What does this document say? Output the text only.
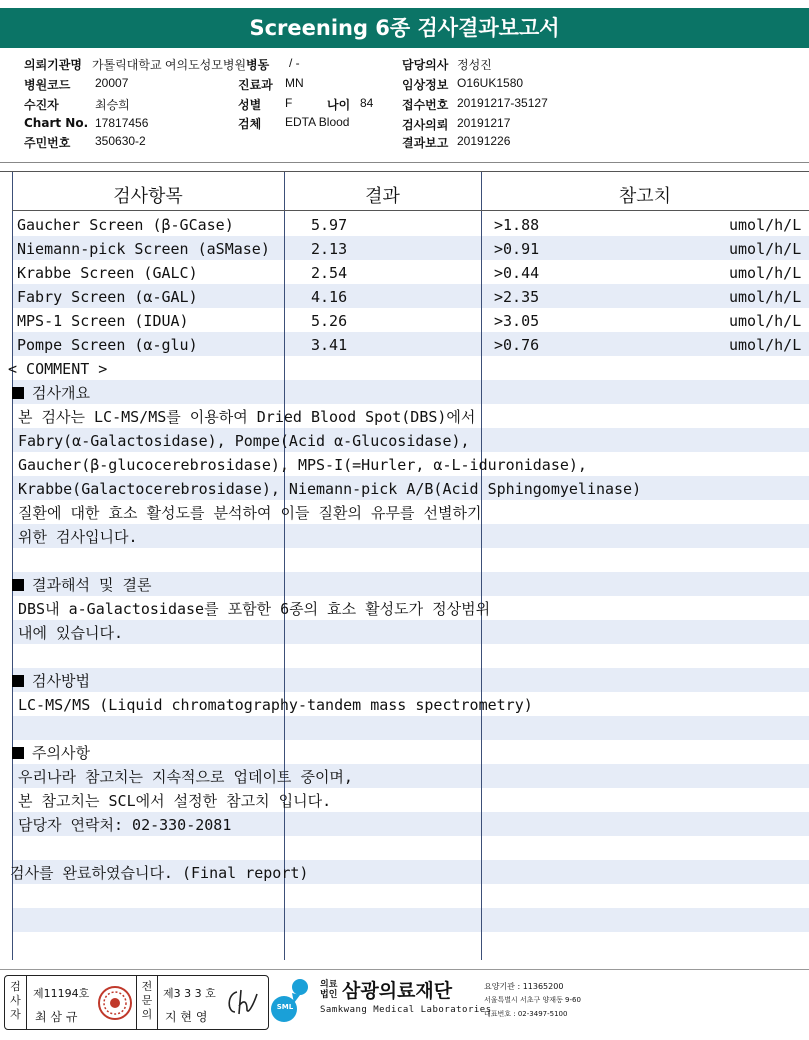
Screening 6종 검사결과보고서
의뢰기관명 가톨릭대학교 여의도성모병원
병원코드 20007
수진자	최승희
Chart No. 17817456
주민번호 350630-2
병동 / -
진료과 MN
성별 F	나이 84
검체 EDTA Blood
담당의사 정성진
임상정보 O16UK1580
접수번호 20191217-35127
검사의뢰 20191217
결과보고 20191226
검사항목	결과	참고치
Gaucher Screen (β-GCase)	5.97	>1.88	umol/h/L
Niemann-pick Screen (aSMase)	2.13	>0.91	umol/h/L
Krabbe Screen (GALC)	2.54	>0.44	umol/h/L
Fabry Screen (α-GAL)	4.16	>2.35	umol/h/L
MPS-1 Screen (IDUA)	5.26	>3.05	umol/h/L
Pompe Screen (α-glu)	3.41	>0.76	umol/h/L
< COMMENT >
검사개요
본 검사는 LC-MS/MS를 이용하여 Dried Blood Spot(DBS)에서
Fabry(α-Galactosidase), Pompe(Acid α-Glucosidase),
Gaucher(β-glucocerebrosidase), MPS-I(=Hurler, α-L-iduronidase),
Krabbe(Galactocerebrosidase), Niemann-pick A/B(Acid Sphingomyelinase)
질환에 대한 효소 활성도를 분석하여 이들 질환의 유무를 선별하기
위한 검사입니다.
결과해석 및 결론
DBS내 a-Galactosidase를 포함한 6종의 효소 활성도가 정상범위
내에 있습니다.
검사방법
LC-MS/MS (Liquid chromatography-tandem mass spectrometry)
주의사항
우리나라 참고치는 지속적으로 업데이트 중이며,
본 참고치는 SCL에서 설정한 참고치 입니다.
담당자 연락처: 02-330-2081
검사를 완료하였습니다. (Final report)
검
사
자
제11194호
최 삼 규
전
문
의
제3 3 3 호
지 현 영
SML
의료
법인 삼광의료재단
Samkwang Medical Laboratories
요양기관 : 11365200
서울특별시 서초구 양재동 9-60
대표번호 : 02-3497-5100
